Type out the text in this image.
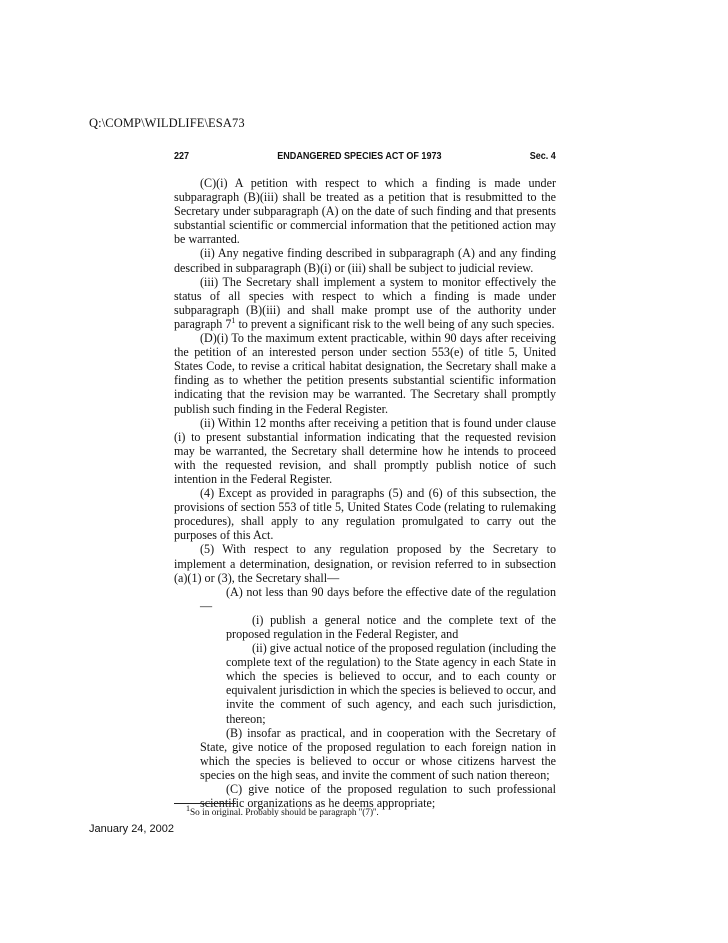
Q:\COMP\WILDLIFE\ESA73
227	ENDANGERED SPECIES ACT OF 1973	Sec. 4

(C)(i) A petition with respect to which a finding is made under subparagraph (B)(iii) shall be treated as a petition that is resubmitted to the Secretary under subparagraph (A) on the date of such finding and that presents substantial scientific or commercial information that the petitioned action may be warranted.

(ii) Any negative finding described in subparagraph (A) and any finding described in subparagraph (B)(i) or (iii) shall be subject to judicial review.

(iii) The Secretary shall implement a system to monitor effectively the status of all species with respect to which a finding is made under subparagraph (B)(iii) and shall make prompt use of the authority under paragraph $7^1$ to prevent a significant risk to the well being of any such species.

(D)(i) To the maximum extent practicable, within 90 days after receiving the petition of an interested person under section 553(e) of title 5, United States Code, to revise a critical habitat designation, the Secretary shall make a finding as to whether the petition presents substantial scientific information indicating that the revision may be warranted. The Secretary shall promptly publish such finding in the Federal Register.

(ii) Within 12 months after receiving a petition that is found under clause (i) to present substantial information indicating that the requested revision may be warranted, the Secretary shall determine how he intends to proceed with the requested revision, and shall promptly publish notice of such intention in the Federal Register.

(4) Except as provided in paragraphs (5) and (6) of this subsection, the provisions of section 553 of title 5, United States Code (relating to rulemaking procedures), shall apply to any regulation promulgated to carry out the purposes of this Act.

(5) With respect to any regulation proposed by the Secretary to implement a determination, designation, or revision referred to in subsection (a)(1) or (3), the Secretary shall—

(A) not less than 90 days before the effective date of the regulation—

(i) publish a general notice and the complete text of the proposed regulation in the Federal Register, and

(ii) give actual notice of the proposed regulation (including the complete text of the regulation) to the State agency in each State in which the species is believed to occur, and to each county or equivalent jurisdiction in which the species is believed to occur, and invite the comment of such agency, and each such jurisdiction, thereon;

(B) insofar as practical, and in cooperation with the Secretary of State, give notice of the proposed regulation to each foreign nation in which the species is believed to occur or whose citizens harvest the species on the high seas, and invite the comment of such nation thereon;

(C) give notice of the proposed regulation to such professional scientific organizations as he deems appropriate;

1So in original. Probably should be paragraph ''(7)''.
January 24, 2002
